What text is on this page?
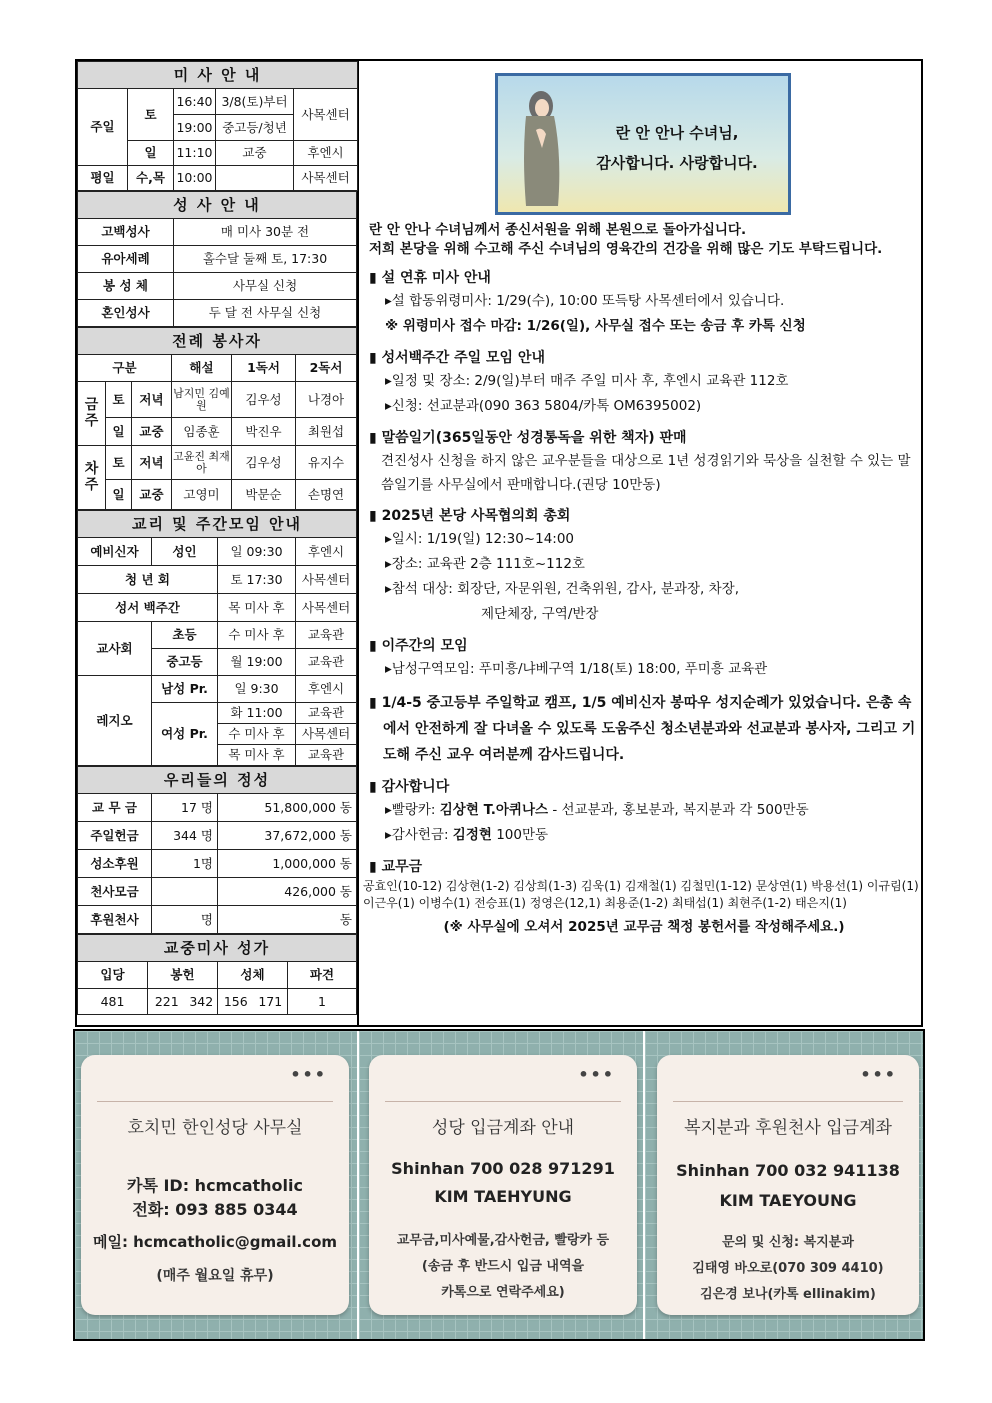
미 사 안 내				
주일	토	16:40	3/8(토)부터	사목센터
		19:00	중고등/청년	
	일	11:10	교중	후엔시
평일	수,목	10:00		사목센터
성 사 안 내	
고백성사	매 미사 30분 전
유아세례	홀수달 둘째 토, 17:30
봉 성 체	사무실 신청
혼인성사	두 달 전 사무실 신청
전례 봉사자					
구분			해설	1독서	2독서
금주	토	저녁	남지민 김예원	김우성	나경아
	일	교중	임종훈	박진우	최원섭
차주	토	저녁	고윤진 최재아	김우성	유지수
	일	교중	고영미	박문순	손명연
교리 및 주간모임 안내			
예비신자	성인	일 09:30	후엔시
청 년 회		토 17:30	사목센터
성서 백주간		목 미사 후	사목센터
교사회	초등	수 미사 후	교육관
	중고등	월 19:00	교육관
레지오	남성 Pr.	일 9:30	후엔시
	여성 Pr.	화 11:00	교육관
		수 미사 후	사목센터
		목 미사 후	교육관
우리들의 정성		
교 무 금	17 명	51,800,000 동
주일헌금	344 명	37,672,000 동
성소후원	1명	1,000,000 동
천사모금		426,000 동
후원천사	명	동
교중미사 성가					
입당	봉헌		성체		파견
481	221	342	156	171	1
란 안 안나 수녀님,
감사합니다. 사랑합니다.
란 안 안나 수녀님께서 종신서원을 위해 본원으로 돌아가십니다.
저희 본당을 위해 수고해 주신 수녀님의 영육간의 건강을 위해 많은 기도 부탁드립니다.
▮ 설 연휴 미사 안내
▸설 합동위령미사: 1/29(수), 10:00 또득탕 사목센터에서 있습니다.
※ 위령미사 접수 마감: 1/26(일), 사무실 접수 또는 송금 후 카톡 신청
▮ 성서백주간 주일 모임 안내
▸일정 및 장소: 2/9(일)부터 매주 주일 미사 후, 후엔시 교육관 112호
▸신청: 선교분과(090 363 5804/카톡 OM6395002)
▮ 말씀일기(365일동안 성경통독을 위한 책자) 판매
견진성사 신청을 하지 않은 교우분들을 대상으로 1년 성경읽기와 묵상을 실천할 수 있는 말씀일기를 사무실에서 판매합니다.(권당 10만동)
▮ 2025년 본당 사목협의회 총회
▸일시: 1/19(일) 12:30~14:00
▸장소: 교육관 2층 111호~112호
▸참석 대상: 회장단, 자문위원, 건축위원, 감사, 분과장, 차장,
제단체장, 구역/반장
▮ 이주간의 모임
▸남성구역모임: 푸미흥/냐베구역 1/18(토) 18:00, 푸미흥 교육관
▮ 1/4-5 중고등부 주일학교 캠프, 1/5 예비신자 봉따우 성지순례가 있었습니다. 은총 속에서 안전하게 잘 다녀올 수 있도록 도움주신 청소년분과와 선교분과 봉사자, 그리고 기도해 주신 교우 여러분께 감사드립니다.
▮ 감사합니다
▸빨랑카: 김상현 T.아퀴나스 - 선교분과, 홍보분과, 복지분과 각 500만동
▸감사헌금: 김정현 100만동
▮ 교무금
공효인(10-12) 김상현(1-2) 김상희(1-3) 김욱(1) 김재철(1) 김철민(1-12) 문상연(1) 박용선(1) 이규림(1) 이근우(1) 이병수(1) 전승표(1) 정영은(12,1) 최용준(1-2) 최태섭(1) 최현주(1-2) 태은지(1)
(※ 사무실에 오셔서 2025년 교무금 책정 봉헌서를 작성해주세요.)
•••
호치민 한인성당 사무실
카톡 ID: hcmcatholic
전화: 093 885 0344
메일: hcmcatholic@gmail.com
(매주 월요일 휴무)
•••
성당 입금계좌 안내
Shinhan 700 028 971291
KIM TAEHYUNG
교무금,미사예물,감사헌금, 빨랑카 등
(송금 후 반드시 입금 내역을
카톡으로 연락주세요)
•••
복지분과 후원천사 입금계좌
Shinhan 700 032 941138
KIM TAEYOUNG
문의 및 신청: 복지분과
김태영 바오로(070 309 4410)
김은경 보나(카톡 ellinakim)
